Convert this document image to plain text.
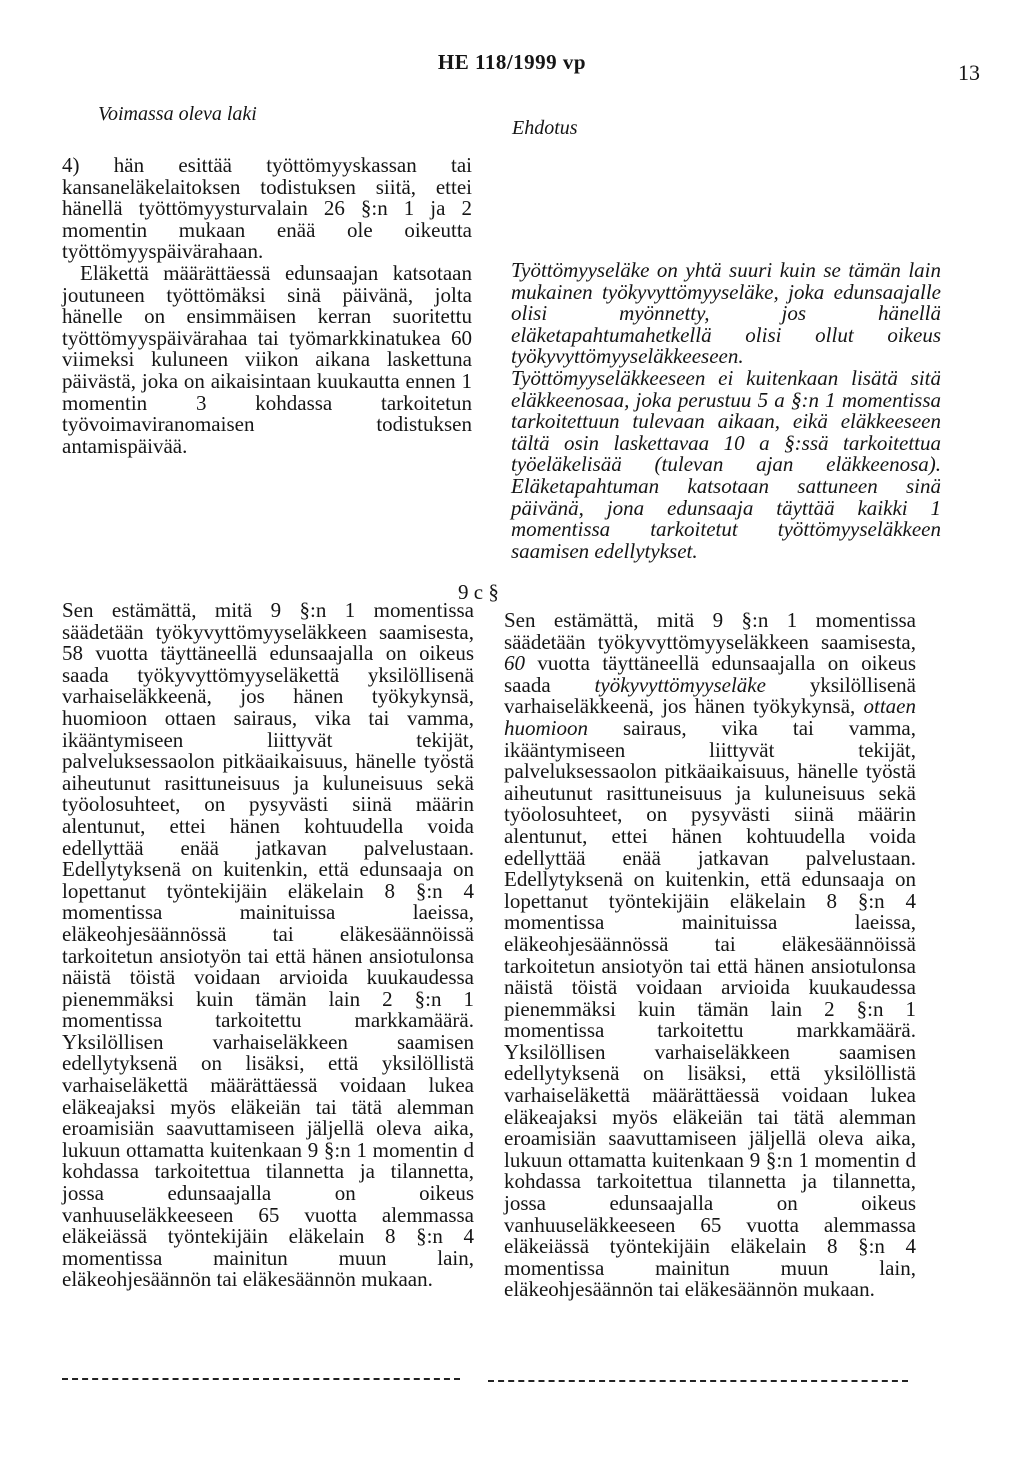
HE 118/1999 vp	13
Voimassa oleva laki
Ehdotus

4) hän esittää työttömyyskassan tai kansaneläkelaitoksen todistuksen siitä, ettei hänellä työttömyysturvalain 26 §:n 1 ja 2 momentin mukaan enää ole oikeutta työttömyyspäivärahaan.

Eläkettä määrättäessä edunsaajan katsotaan joutuneen työttömäksi sinä päivänä, jolta hänelle on ensimmäisen kerran suoritettu työttömyyspäivärahaa tai työmarkkinatukea 60 viimeksi kuluneen viikon aikana laskettuna päivästä, joka on aikaisintaan kuukautta ennen 1 momentin 3 kohdassa tarkoitetun työvoimaviranomaisen todistuksen antamispäivää.

Työttömyyseläke on yhtä suuri kuin se tämän lain mukainen työkyvyttömyyseläke, joka edunsaajalle olisi myönnetty, jos hänellä eläketapahtumahetkellä olisi ollut oikeus työkyvyttömyyseläkkeeseen. Työttömyyseläkkeeseen ei kuitenkaan lisätä sitä eläkkeenosaa, joka perustuu 5 a §:n 1 momentissa tarkoitettuun tulevaan aikaan, eikä eläkkeeseen tältä osin laskettavaa 10 a §:ssä tarkoitettua työeläkelisää (tulevan ajan eläkkeenosa). Eläketapahtuman katsotaan sattuneen sinä päivänä, jona edunsaaja täyttää kaikki 1 momentissa tarkoitetut työttömyyseläkkeen saamisen edellytykset.

9 c §

Sen estämättä, mitä 9 §:n 1 momentissa säädetään työkyvyttömyyseläkkeen saamisesta, 58 vuotta täyttäneellä edunsaajalla on oikeus saada työkyvyttömyyseläkettä yksilöllisenä varhaiseläkkeenä, jos hänen työkykynsä, huomioon ottaen sairaus, vika tai vamma, ikääntymiseen liittyvät tekijät, palveluksessaolon pitkäaikaisuus, hänelle työstä aiheutunut rasittuneisuus ja kuluneisuus sekä työolosuhteet, on pysyvästi siinä määrin alentunut, ettei hänen kohtuudella voida edellyttää enää jatkavan palvelustaan. Edellytyksenä on kuitenkin, että edunsaaja on lopettanut työntekijäin eläkelain 8 §:n 4 momentissa mainituissa laeissa, eläkeohjesäännössä tai eläkesäännöissä tarkoitetun ansiotyön tai että hänen ansiotulonsa näistä töistä voidaan arvioida kuukaudessa pienemmäksi kuin tämän lain 2 §:n 1 momentissa tarkoitettu markkamäärä. Yksilöllisen varhaiseläkkeen saamisen edellytyksenä on lisäksi, että yksilöllistä varhaiseläkettä määrättäessä voidaan lukea eläkeajaksi myös eläkeiän tai tätä alemman eroamisiän saavuttamiseen jäljellä oleva aika, lukuun ottamatta kuitenkaan 9 §:n 1 momentin d kohdassa tarkoitettua tilannetta ja tilannetta, jossa edunsaajalla on oikeus vanhuuseläkkeeseen 65 vuotta alemmassa eläkeiässä työntekijäin eläkelain 8 §:n 4 momentissa mainitun muun lain, eläkeohjesäännön tai eläkesäännön mukaan.

Sen estämättä, mitä 9 §:n 1 momentissa säädetään työkyvyttömyyseläkkeen saamisesta, 60 vuotta täyttäneellä edunsaajalla on oikeus saada työkyvyttömyyseläke yksilöllisenä varhaiseläkkeenä, jos hänen työkykynsä, ottaen huomioon sairaus, vika tai vamma, ikääntymiseen liittyvät tekijät, palveluksessaolon pitkäaikaisuus, hänelle työstä aiheutunut rasittuneisuus ja kuluneisuus sekä työolosuhteet, on pysyvästi siinä määrin alentunut, ettei hänen kohtuudella voida edellyttää enää jatkavan palvelustaan. Edellytyksenä on kuitenkin, että edunsaaja on lopettanut työntekijäin eläkelain 8 §:n 4 momentissa mainituissa laeissa, eläkeohjesäännössä tai eläkesäännöissä tarkoitetun ansiotyön tai että hänen ansiotulonsa näistä töistä voidaan arvioida kuukaudessa pienemmäksi kuin tämän lain 2 §:n 1 momentissa tarkoitettu markkamäärä. Yksilöllisen varhaiseläkkeen saamisen edellytyksenä on lisäksi, että yksilöllistä varhaiseläkettä määrättäessä voidaan lukea eläkeajaksi myös eläkeiän tai tätä alemman eroamisiän saavuttamiseen jäljellä oleva aika, lukuun ottamatta kuitenkaan 9 §:n 1 momentin d kohdassa tarkoitettua tilannetta ja tilannetta, jossa edunsaajalla on oikeus vanhuuseläkkeeseen 65 vuotta alemmassa eläkeiässä työntekijäin eläkelain 8 §:n 4 momentissa mainitun muun lain, eläkeohjesäännön tai eläkesäännön mukaan.
